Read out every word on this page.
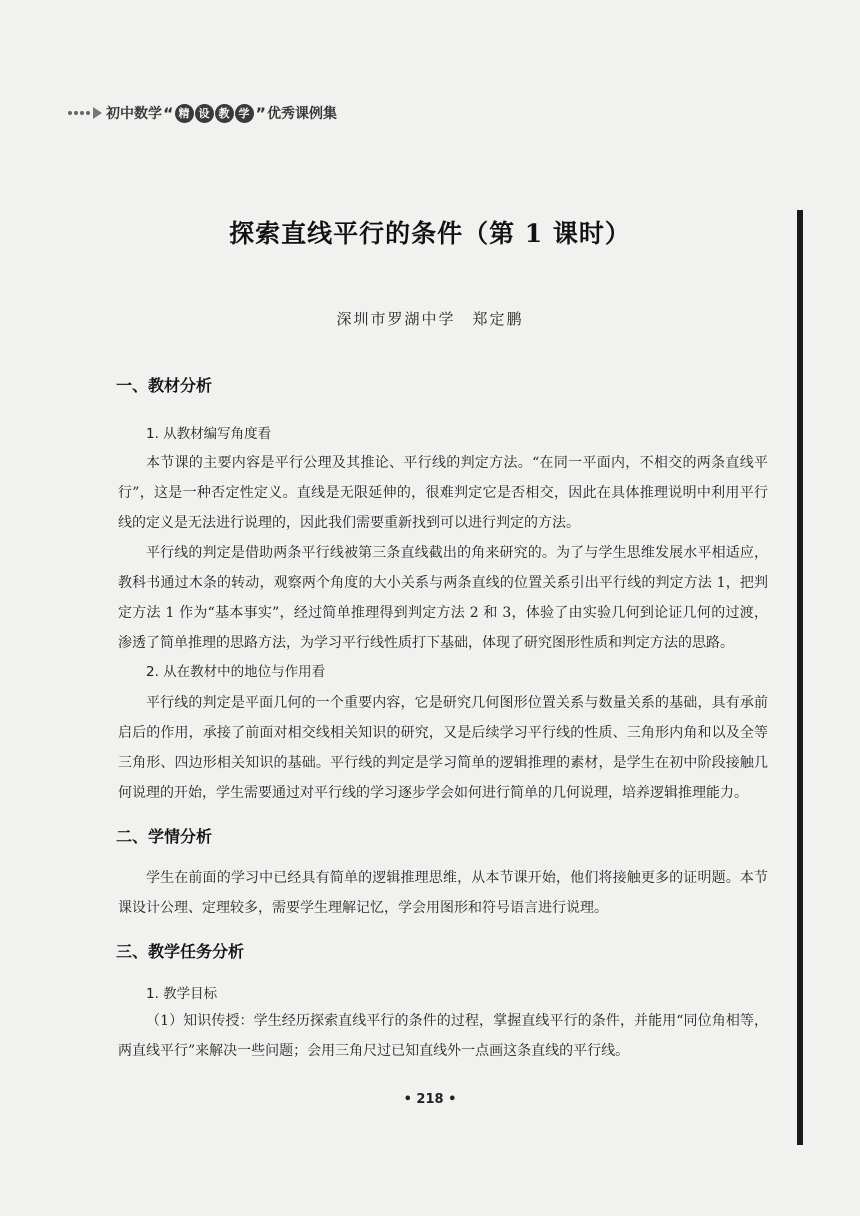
初中数学 “ 精 设 教 学 ” 优秀课例集
探索直线平行的条件（第 1 课时）
深圳市罗湖中学　郑定鹏
一、教材分析
1. 从教材编写角度看

本节课的主要内容是平行公理及其推论、平行线的判定方法。“在同一平面内，不相交的两条直线平行”，这是一种否定性定义。直线是无限延伸的，很难判定它是否相交，因此在具体推理说明中利用平行线的定义是无法进行说理的，因此我们需要重新找到可以进行判定的方法。

平行线的判定是借助两条平行线被第三条直线截出的角来研究的。为了与学生思维发展水平相适应，教科书通过木条的转动，观察两个角度的大小关系与两条直线的位置关系引出平行线的判定方法 1，把判定方法 1 作为“基本事实”，经过简单推理得到判定方法 2 和 3，体验了由实验几何到论证几何的过渡，渗透了简单推理的思路方法，为学习平行线性质打下基础，体现了研究图形性质和判定方法的思路。

2. 从在教材中的地位与作用看

平行线的判定是平面几何的一个重要内容，它是研究几何图形位置关系与数量关系的基础，具有承前启后的作用，承接了前面对相交线相关知识的研究，又是后续学习平行线的性质、三角形内角和以及全等三角形、四边形相关知识的基础。平行线的判定是学习简单的逻辑推理的素材，是学生在初中阶段接触几何说理的开始，学生需要通过对平行线的学习逐步学会如何进行简单的几何说理，培养逻辑推理能力。

二、学情分析

学生在前面的学习中已经具有简单的逻辑推理思维，从本节课开始，他们将接触更多的证明题。本节课设计公理、定理较多，需要学生理解记忆，学会用图形和符号语言进行说理。

三、教学任务分析
1. 教学目标

（1）知识传授：学生经历探索直线平行的条件的过程，掌握直线平行的条件，并能用“同位角相等，两直线平行”来解决一些问题；会用三角尺过已知直线外一点画这条直线的平行线。

• 218 •
